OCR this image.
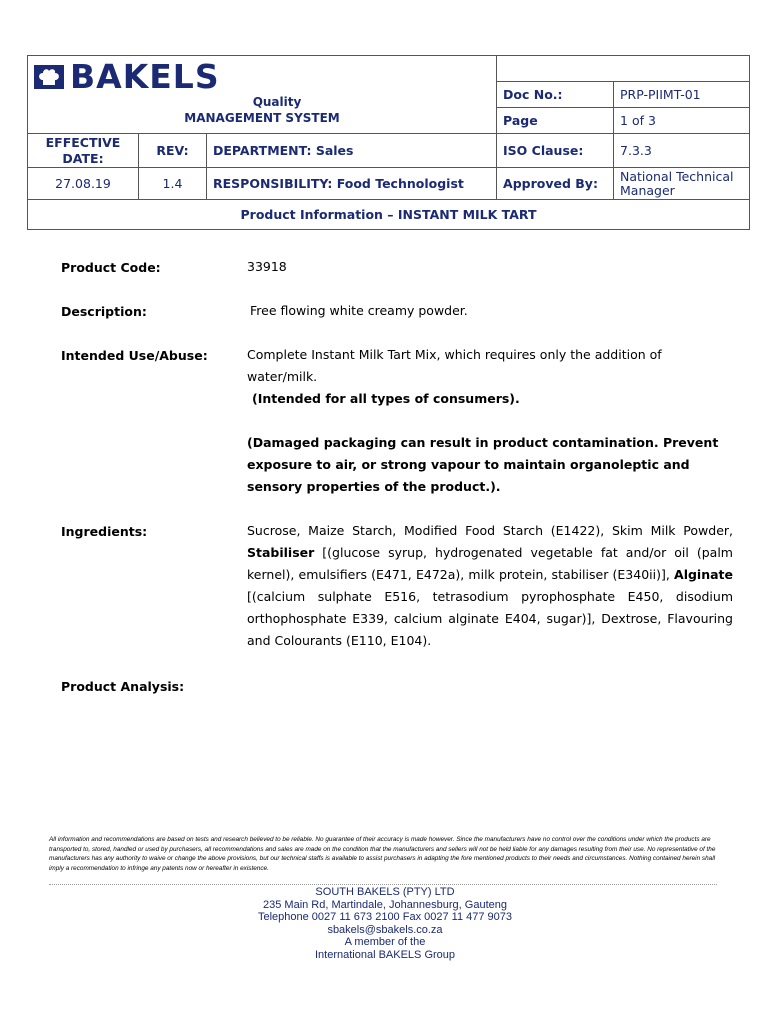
BAKELS
Quality
MANAGEMENT SYSTEM				

			Doc No.:	PRP-PIIMT-01
			Page	1 of 3
EFFECTIVE DATE:	REV:	DEPARTMENT: Sales	ISO Clause:	7.3.3
27.08.19	1.4	RESPONSIBILITY: Food Technologist	Approved By:	National Technical Manager
Product Information – INSTANT MILK TART				
Product Code:	33918
Description:	Free flowing white creamy powder.
Intended Use/Abuse:	Complete Instant Milk Tart Mix, which requires only the addition of water/milk.
(Intended for all types of consumers).
(Damaged packaging can result in product contamination. Prevent exposure to air, or strong vapour to maintain organoleptic and sensory properties of the product.).
Ingredients:	Sucrose, Maize Starch, Modified Food Starch (E1422), Skim Milk Powder, Stabiliser [(glucose syrup, hydrogenated vegetable fat and/or oil (palm kernel), emulsifiers (E471, E472a), milk protein, stabiliser (E340ii)], Alginate [(calcium sulphate E516, tetrasodium pyrophosphate E450, disodium orthophosphate E339, calcium alginate E404, sugar)], Dextrose, Flavouring and Colourants (E110, E104).
Product Analysis:
All information and recommendations are based on tests and research believed to be reliable. No guarantee of their accuracy is made however. Since the manufacturers have no control over the conditions under which the products are transported to, stored, handled or used by purchasers, all recommendations and sales are made on the condition that the manufacturers and sellers will not be held liable for any damages resulting from their use. No representative of the manufacturers has any authority to waive or change the above provisions, but our technical staffs is available to assist purchasers in adapting the fore mentioned products to their needs and circumstances. Nothing contained herein shall imply a recommendation to infringe any patents now or hereafter in existence.
SOUTH BAKELS (PTY) LTD
235 Main Rd, Martindale, Johannesburg, Gauteng
Telephone 0027 11 673 2100 Fax 0027 11 477 9073
sbakels@sbakels.co.za
A member of the
International BAKELS Group
